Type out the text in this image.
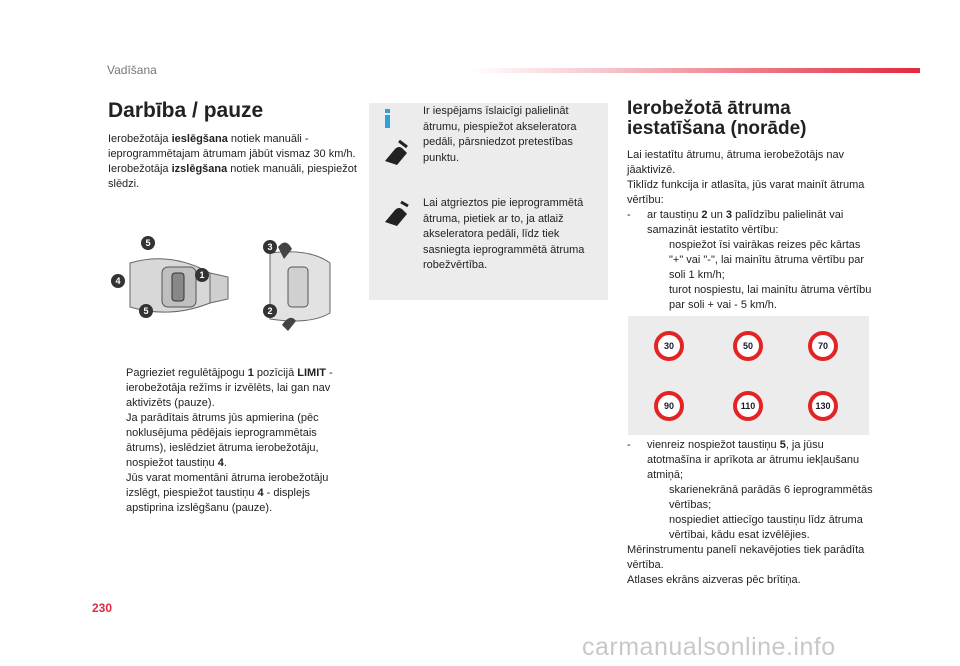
Vadīšana
Darbība / pauze
Ierobežotāja ieslēgšana notiek manuāli - ieprogrammētajam ātrumam jābūt vismaz 30 km/h. Ierobežotāja izslēgšana notiek manuāli, piespiežot slēdzi.
5
4
5
1
3
2
Pagrieziet regulētājpogu 1 pozīcijā LIMIT - ierobežotāja režīms ir izvēlēts, lai gan nav aktivizēts (pauze).
Ja parādītais ātrums jūs apmierina (pēc noklusējuma pēdējais ieprogrammētais ātrums), ieslēdziet ātruma ierobežotāju, nospiežot taustiņu 4.
Jūs varat momentāni ātruma ierobežotāju izslēgt, piespiežot taustiņu 4 - displejs apstiprina izslēgšanu (pauze).
Ir iespējams īslaicīgi palielināt ātrumu, piespiežot akseleratora pedāli, pārsniedzot pretestības punktu.
Lai atgrieztos pie ieprogrammētā ātruma, pietiek ar to, ja atlaiž akseleratora pedāli, līdz tiek sasniegta ieprogrammētā ātruma robežvērtība.
Ierobežotā ātruma
iestatīšana (norāde)
Lai iestatītu ātrumu, ātruma ierobežotājs nav jāaktivizē.
Tiklīdz funkcija ir atlasīta, jūs varat mainīt ātruma vērtību:
- ar taustiņu 2 un 3 palīdzību palielināt vai samazināt iestatīto vērtību:
nospiežot īsi vairākas reizes pēc kārtas "+" vai "-", lai mainītu ātruma vērtību par soli 1 km/h;
turot nospiestu, lai mainītu ātruma vērtību par soli + vai - 5 km/h.
30	50	70
90	110	130
- vienreiz nospiežot taustiņu 5, ja jūsu atotmašīna ir aprīkota ar ātrumu iekļaušanu atmiņā;
skarienekrānā parādās 6 ieprogrammētās vērtības;
nospiediet attiecīgo taustiņu līdz ātruma vērtībai, kādu esat izvēlējies.
Mērinstrumentu panelī nekavējoties tiek parādīta vērtība.
Atlases ekrāns aizveras pēc brītiņa.
230
carmanualsonline.info
